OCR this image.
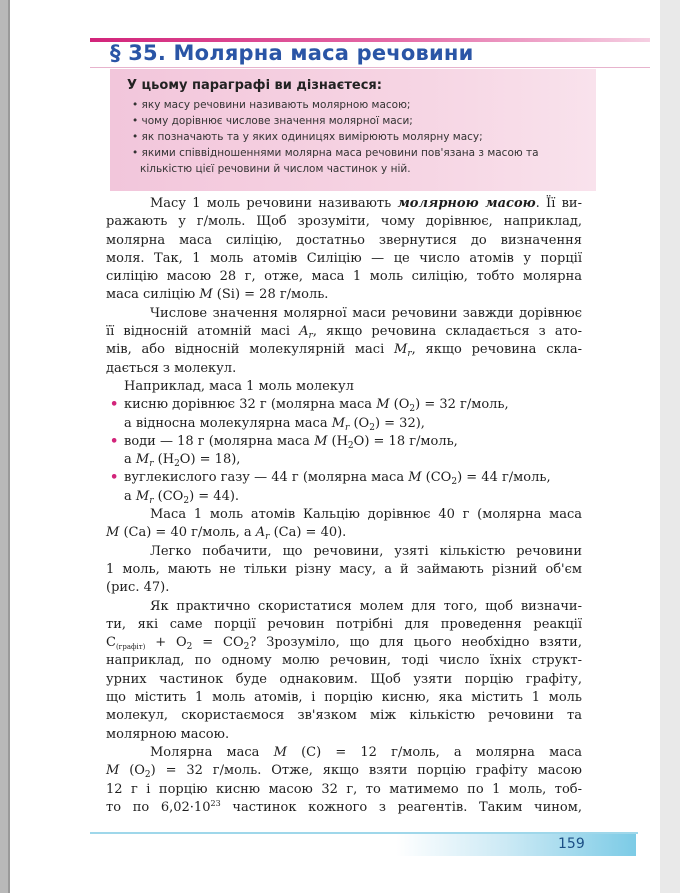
§ 35. Молярна маса речовини
У цьому параграфі ви дізнаєтеся:
• яку масу речовини називають молярною масою;
• чому дорівнює числове значення молярної маси;
• як позначають та у яких одиницях вимірюють молярну масу;
• якими співвідношеннями молярна маса речовини пов'язана з масою та
кількістю цієї речовини й числом частинок у ній.
Масу 1 моль речовини називають молярною масою. Її ви-
ражають у г/моль. Щоб зрозуміти, чому дорівнює, наприклад,
молярна маса силіцію, достатньо звернутися до визначення
моля. Так, 1 моль атомів Силіцію — це число атомів у порції
силіцію масою 28 г, отже, маса 1 моль силіцію, тобто молярна
маса силіцію M (Si) = 28 г/моль.
Числове значення молярної маси речовини завжди дорівнює
її відносній атомній масі $A_r$, якщо речовина складається з ато-
мів, або відносній молекулярній масі $M_r$, якщо речовина скла-
дається з молекул.
Наприклад, маса 1 моль молекул
• кисню дорівнює 32 г (молярна маса M $(O_2) = 32$ г/моль,
а відносна молекулярна маса $M_r$ $(O_2) = 32$),
• води — 18 г (молярна маса M $(H_2O) = 18$ г/моль,
а $M_r$ $(H_2O) = 18$),
• вуглекислого газу — 44 г (молярна маса M $(CO_2) = 44$ г/моль,
а $M_r$ $(CO_2) = 44$).
Маса 1 моль атомів Кальцію дорівнює 40 г (молярна маса
M (Ca) = 40 г/моль, а $A_r$ (Ca) = 40).
Легко побачити, що речовини, узяті кількістю речовини
1 моль, мають не тільки різну масу, а й займають різний об'єм
(рис. 47).
Як практично скористатися молем для того, щоб визначи-
ти, які саме порції речовин потрібні для проведення реакції
$C_{(графіт)} + O_2 = CO_2$? Зрозуміло, що для цього необхідно взяти,
наприклад, по одному молю речовин, тоді число їхніх структ-
урних частинок буде однаковим. Щоб узяти порцію графіту,
що містить 1 моль атомів, і порцію кисню, яка містить 1 моль
молекул, скористаємося зв'язком між кількістю речовини та
молярною масою.
Молярна маса M (C) = 12 г/моль, а молярна маса
M $(O_2) = 32$ г/моль. Отже, якщо взяти порцію графіту масою
12 г і порцію кисню масою 32 г, то матимемо по 1 моль, тоб-
то по $6,02\cdot 10^{23}$ частинок кожного з реагентів. Таким чином,
159
